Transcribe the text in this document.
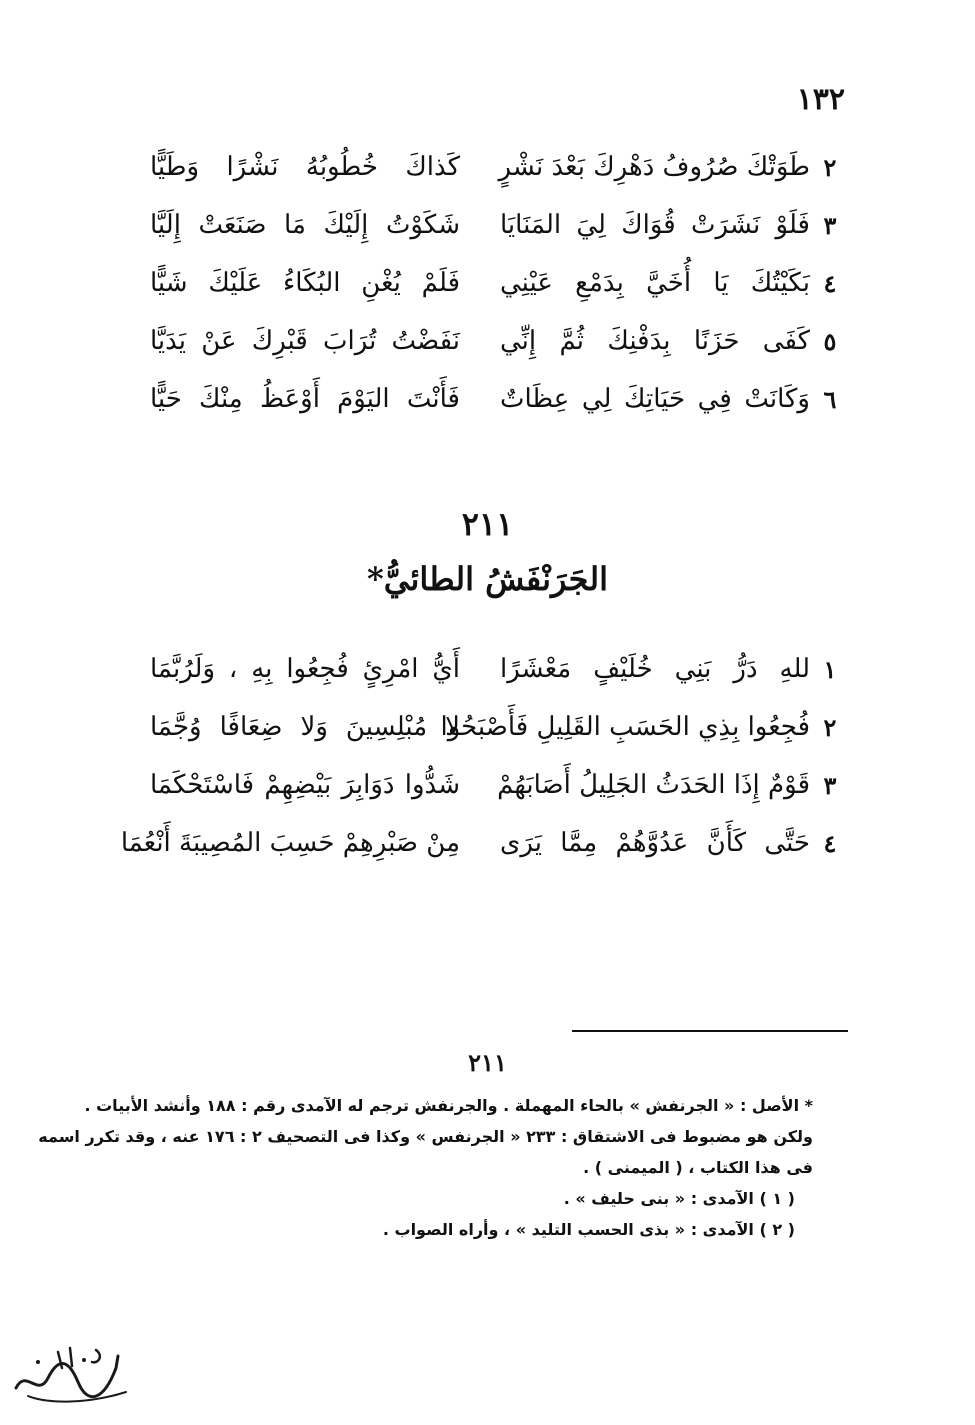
١٣٢
٢
طَوَتْكَ صُرُوفُ دَهْرِكَ بَعْدَ نَشْرٍ
كَذاكَ خُطُوبُهُ نَشْرًا وَطَيًّا
٣
فَلَوْ نَشَرَتْ قُوَاكَ لِيَ المَنَايَا
شَكَوْتُ إِلَيْكَ مَا صَنَعَتْ إِلَيَّا
٤
بَكَيْتُكَ يَا أُخَيَّ بِدَمْعِ عَيْنِي
فَلَمْ يُغْنِ البُكَاءُ عَلَيْكَ شَيًّا
٥
كَفَى حَزَنًا بِدَفْنِكَ ثُمَّ إِنِّي
نَفَضْتُ تُرَابَ قَبْرِكَ عَنْ يَدَيَّا
٦
وَكَانَتْ فِي حَيَاتِكَ لِي عِظَاتٌ
فَأَنْتَ اليَوْمَ أَوْعَظُ مِنْكَ حَيًّا
٢١١
الجَرَنْفَشُ الطائيُّ*
١
للهِ دَرُّ بَنِي خُلَيْفٍ مَعْشَرًا
أَيُّ امْرِئٍ فُجِعُوا بِهِ ، وَلَرُبَّمَا
٢
فُجِعُوا بِذِي الحَسَبِ القَلِيلِ فَأَصْبَحُوا
لا مُبْلِسِينَ وَلا ضِعَافًا وُجَّمَا
٣
قَوْمٌ إِذَا الحَدَثُ الجَلِيلُ أَصَابَهُمْ
شَدُّوا دَوَابِرَ بَيْضِهِمْ فَاسْتَحْكَمَا
٤
حَتَّى كَأَنَّ عَدُوَّهُمْ مِمَّا يَرَى
مِنْ صَبْرِهِمْ حَسِبَ المُصِيبَةَ أَنْعُمَا
٢١١
* الأصل : « الجرنفش » بالحاء المهملة . والجرنفش ترجم له الآمدى رقم : ١٨٨ وأنشد الأبيات .
ولكن هو مضبوط فى الاشتقاق : ٢٣٣ « الجرنفس » وكذا فى التصحيف ٢ : ١٧٦ عنه ، وقد تكرر اسمه
فى هذا الكتاب ، ( الميمنى ) .
( ١ ) الآمدى : « بنى حليف » .
( ٢ ) الآمدى : « بذى الحسب التليد » ، وأراه الصواب .
